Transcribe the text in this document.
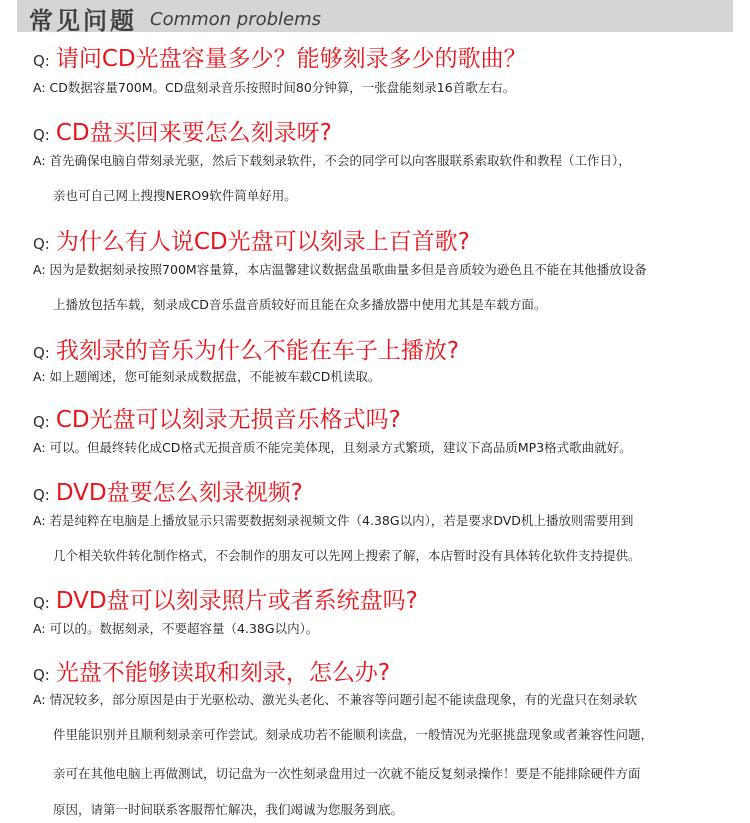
常见问题 Common problems
Q: 请问CD光盘容量多少？能够刻录多少的歌曲？
A: CD数据容量700M。CD盘刻录音乐按照时间80分钟算，一张盘能刻录16首歌左右。
Q: CD盘买回来要怎么刻录呀?
A: 首先确保电脑自带刻录光驱，然后下载刻录软件，不会的同学可以向客服联系索取软件和教程（工作日），
亲也可自己网上搜搜NERO9软件简单好用。
Q: 为什么有人说CD光盘可以刻录上百首歌?
A: 因为是数据刻录按照700M容量算，本店温馨建议数据盘虽歌曲量多但是音质较为逊色且不能在其他播放设备
上播放包括车载，刻录成CD音乐盘音质较好而且能在众多播放器中使用尤其是车载方面。
Q: 我刻录的音乐为什么不能在车子上播放?
A: 如上题阐述，您可能刻录成数据盘，不能被车载CD机读取。
Q: CD光盘可以刻录无损音乐格式吗?
A: 可以。但最终转化成CD格式无损音质不能完美体现，且刻录方式繁琐，建议下高品质MP3格式歌曲就好。
Q: DVD盘要怎么刻录视频?
A: 若是纯粹在电脑是上播放显示只需要数据刻录视频文件（4.38G以内），若是要求DVD机上播放则需要用到
几个相关软件转化制作格式，不会制作的朋友可以先网上搜索了解，本店暂时没有具体转化软件支持提供。
Q: DVD盘可以刻录照片或者系统盘吗?
A: 可以的。数据刻录，不要超容量（4.38G以内）。
Q: 光盘不能够读取和刻录，怎么办?
A: 情况较多，部分原因是由于光驱松动、激光头老化、不兼容等问题引起不能读盘现象，有的光盘只在刻录软
件里能识别并且顺利刻录亲可作尝试。刻录成功若不能顺利读盘，一般情况为光驱挑盘现象或者兼容性问题，
亲可在其他电脑上再做测试，切记盘为一次性刻录盘用过一次就不能反复刻录操作！要是不能排除硬件方面
原因，请第一时间联系客服帮忙解决，我们竭诚为您服务到底。
